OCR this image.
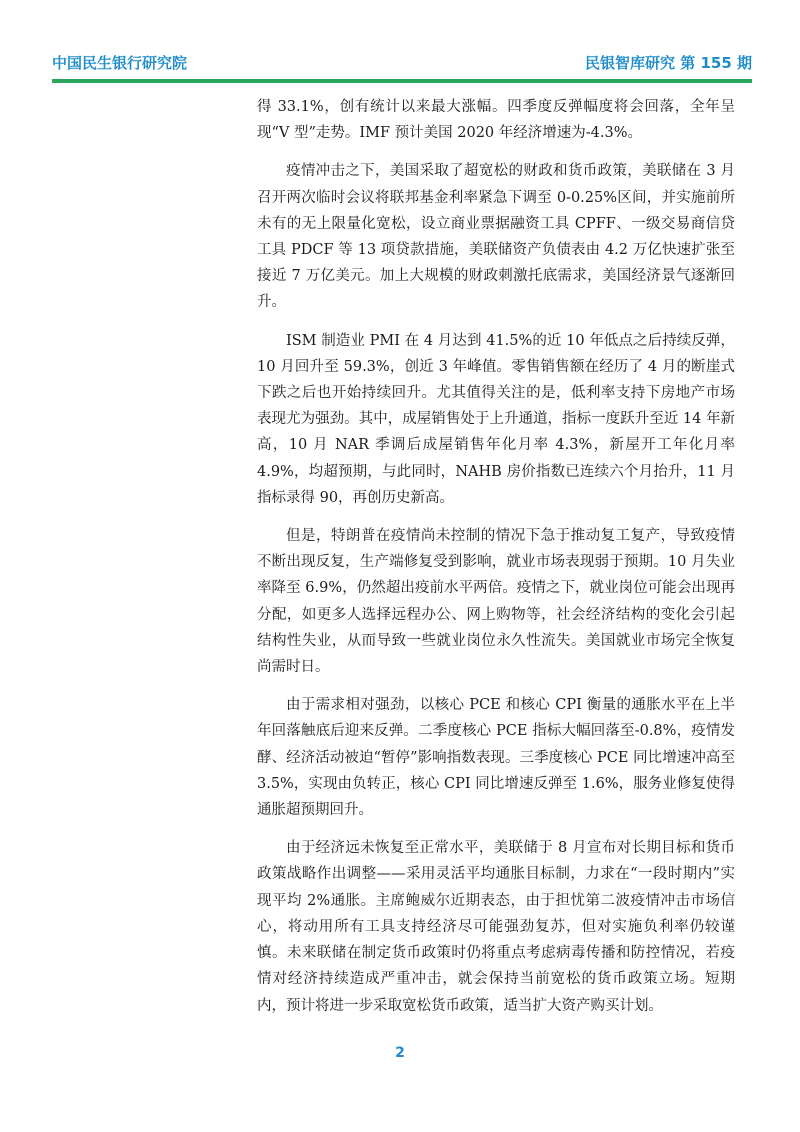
中国民生银行研究院	民银智库研究 第 155 期

得 33.1%，创有统计以来最大涨幅。四季度反弹幅度将会回落，全年呈现“V 型”走势。IMF 预计美国 2020 年经济增速为-4.3%。

疫情冲击之下，美国采取了超宽松的财政和货币政策，美联储在 3 月召开两次临时会议将联邦基金利率紧急下调至 0-0.25%区间，并实施前所未有的无上限量化宽松，设立商业票据融资工具 CPFF、一级交易商信贷工具 PDCF 等 13 项贷款措施，美联储资产负债表由 4.2 万亿快速扩张至接近 7 万亿美元。加上大规模的财政刺激托底需求，美国经济景气逐渐回升。

ISM 制造业 PMI 在 4 月达到 41.5%的近 10 年低点之后持续反弹，10 月回升至 59.3%，创近 3 年峰值。零售销售额在经历了 4 月的断崖式下跌之后也开始持续回升。尤其值得关注的是，低利率支持下房地产市场表现尤为强劲。其中，成屋销售处于上升通道，指标一度跃升至近 14 年新高，10 月 NAR 季调后成屋销售年化月率 4.3%，新屋开工年化月率 4.9%，均超预期，与此同时，NAHB 房价指数已连续六个月抬升，11 月指标录得 90，再创历史新高。

但是，特朗普在疫情尚未控制的情况下急于推动复工复产，导致疫情不断出现反复，生产端修复受到影响，就业市场表现弱于预期。10 月失业率降至 6.9%，仍然超出疫前水平两倍。疫情之下，就业岗位可能会出现再分配，如更多人选择远程办公、网上购物等，社会经济结构的变化会引起结构性失业，从而导致一些就业岗位永久性流失。美国就业市场完全恢复尚需时日。

由于需求相对强劲，以核心 PCE 和核心 CPI 衡量的通胀水平在上半年回落触底后迎来反弹。二季度核心 PCE 指标大幅回落至-0.8%，疫情发酵、经济活动被迫“暂停”影响指数表现。三季度核心 PCE 同比增速冲高至 3.5%，实现由负转正，核心 CPI 同比增速反弹至 1.6%，服务业修复使得通胀超预期回升。

由于经济远未恢复至正常水平，美联储于 8 月宣布对长期目标和货币政策战略作出调整——采用灵活平均通胀目标制，力求在“一段时期内”实现平均 2%通胀。主席鲍威尔近期表态，由于担忧第二波疫情冲击市场信心，将动用所有工具支持经济尽可能强劲复苏，但对实施负利率仍较谨慎。未来联储在制定货币政策时仍将重点考虑病毒传播和防控情况，若疫情对经济持续造成严重冲击，就会保持当前宽松的货币政策立场。短期内，预计将进一步采取宽松货币政策，适当扩大资产购买计划。

2
